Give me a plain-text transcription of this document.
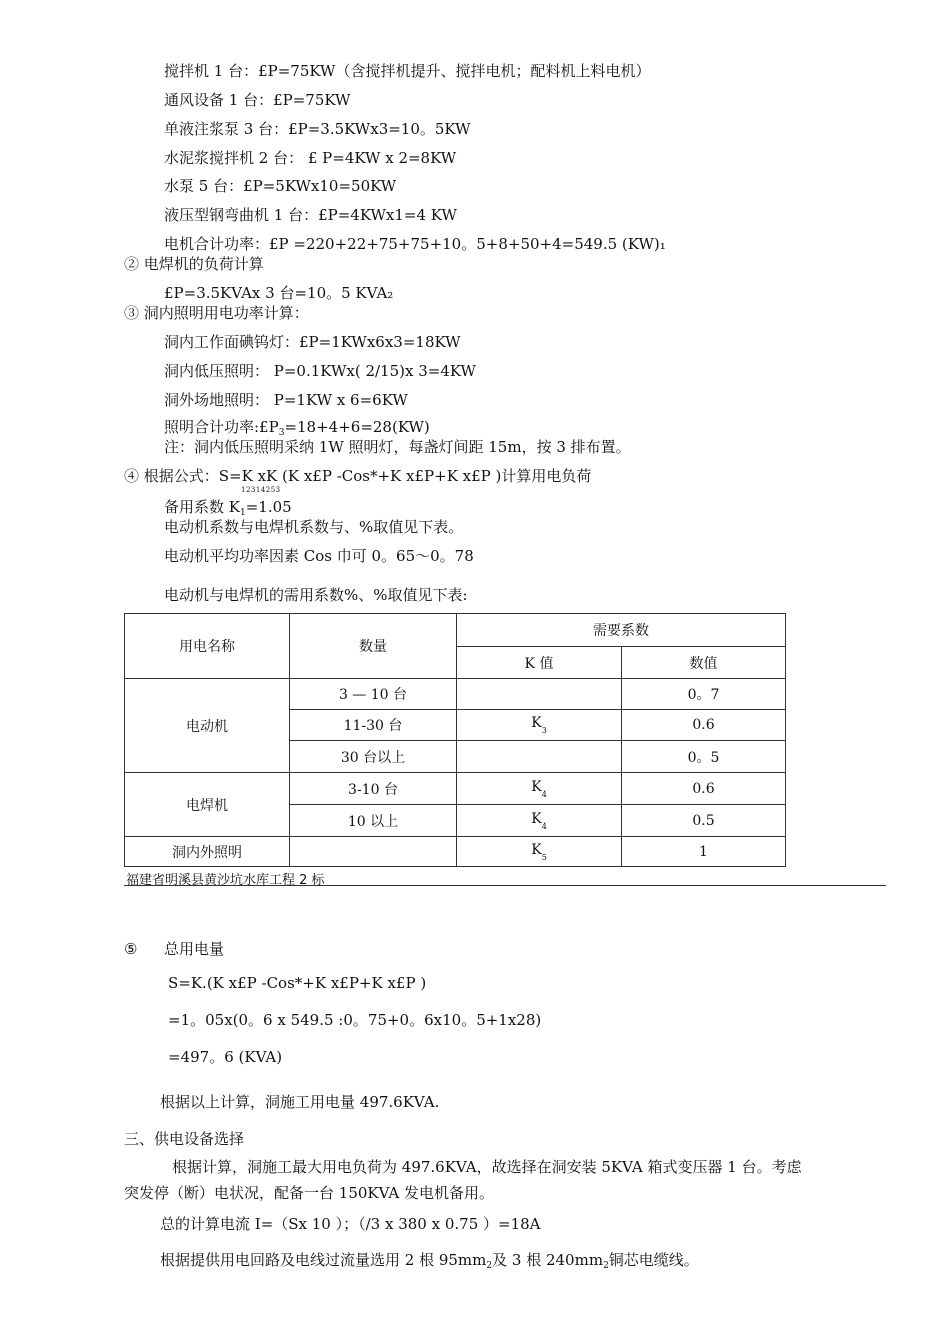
搅拌机 1 台：£P=75KW（含搅拌机提升、搅拌电机；配料机上料电机）
通风设备 1 台：£P=75KW
单液注浆泵 3 台：£P=3.5KWx3=10。5KW
水泥浆搅拌机 2 台： £ P=4KW x 2=8KW
水泵 5 台：£P=5KWx10=50KW
液压型钢弯曲机 1 台：£P=4KWx1=4 KW
电机合计功率：£P =220+22+75+75+10。5+8+50+4=549.5 (KW)₁
② 电焊机的负荷计算
£P=3.5KVAx 3 台=10。5 KVA₂
③ 洞内照明用电功率计算：
洞内工作面碘钨灯：£P=1KWx6x3=18KW
洞内低压照明： P=0.1KWx( 2/15)x 3=4KW
洞外场地照明： P=1KW x 6=6KW
照明合计功率$:£P_3=18+4+6=28(KW)$
注：洞内低压照明采纳 1W 照明灯，每盏灯间距 15m，按 3 排布置。
④ 根据公式：S=K xK (K x£P -Cos*+K x£P+K x£P )计算用电负荷
12314253
备用系数 $K_1=1.05$
电动机系数与电焊机系数与、%取值见下表。
电动机平均功率因素 Cos 巾可 0。65〜0。78
电动机与电焊机的需用系数%、%取值见下表:
用电名称	数量	需要系数	
		K 值	数值
电动机	3 — 10 台		0。7
	11-30 台	$K_3$	0.6
	30 台以上		0。5
电焊机	3-10 台	$K_4$	0.6
	10 以上	$K_4$	0.5
洞内外照明		$K_5$	1
福建省明溪县黄沙坑水库工程 2 标
⑤ 总用电量
S=K.(K x£P -Cos*+K x£P+K x£P )
=1。05x(0。6 x 549.5 :0。75+0。6x10。5+1x28)
=497。6 (KVA)
根据以上计算，洞施工用电量 497.6KVA.
三、供电设备选择
根据计算，洞施工最大用电负荷为 497.6KVA，故选择在洞安装 5KVA 箱式变压器 1 台。考虑
突发停（断）电状况，配备一台 150KVA 发电机备用。
总的计算电流 I=（Sx 10 ）；（/3 x 380 x 0.75 ）=18A
根据提供用电回路及电线过流量选用 2 根 $95mm_2$及 3 根 $240mm_2$铜芯电缆线。
